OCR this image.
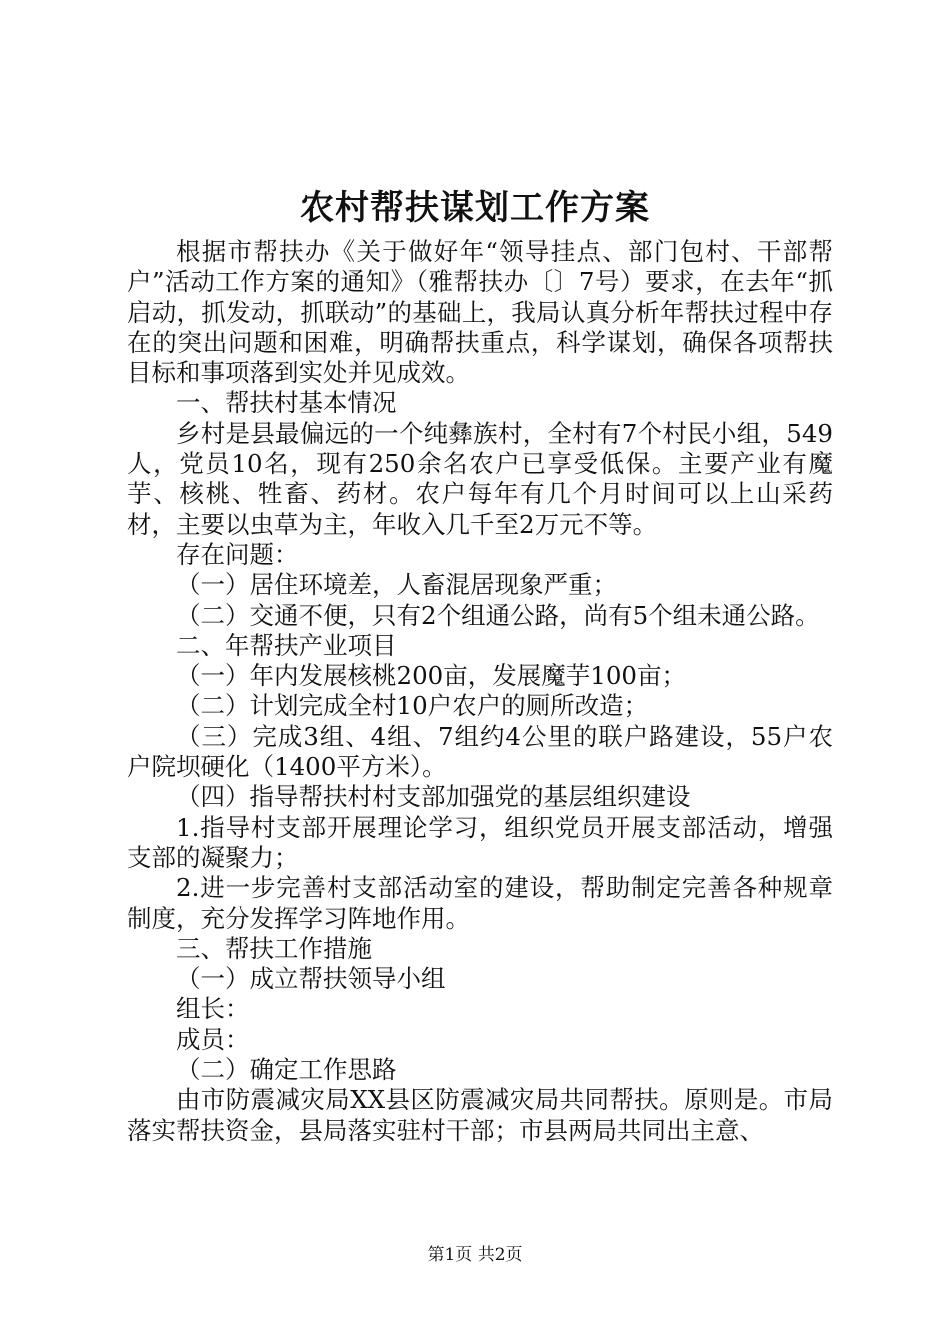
农村帮扶谋划工作方案

根据市帮扶办《关于做好年“领导挂点、部门包村、干部帮户”活动工作方案的通知》（雅帮扶办〔〕7号）要求，在去年“抓启动，抓发动，抓联动”的基础上，我局认真分析年帮扶过程中存在的突出问题和困难，明确帮扶重点，科学谋划，确保各项帮扶目标和事项落到实处并见成效。

一、帮扶村基本情况

乡村是县最偏远的一个纯彝族村，全村有7个村民小组，549人，党员10名，现有250余名农户已享受低保。主要产业有魔芋、核桃、牲畜、药材。农户每年有几个月时间可以上山采药材，主要以虫草为主，年收入几千至2万元不等。

存在问题：

（一）居住环境差，人畜混居现象严重；

（二）交通不便，只有2个组通公路，尚有5个组未通公路。

二、年帮扶产业项目

（一）年内发展核桃200亩，发展魔芋100亩；

（二）计划完成全村10户农户的厕所改造；

（三）完成3组、4组、7组约4公里的联户路建设，55户农户院坝硬化（1400平方米）。

（四）指导帮扶村村支部加强党的基层组织建设

1.指导村支部开展理论学习，组织党员开展支部活动，增强支部的凝聚力；

2.进一步完善村支部活动室的建设，帮助制定完善各种规章制度，充分发挥学习阵地作用。

三、帮扶工作措施

（一）成立帮扶领导小组

组长：

成员：

（二）确定工作思路

由市防震减灾局XX县区防震减灾局共同帮扶。原则是。市局落实帮扶资金，县局落实驻村干部；市县两局共同出主意、

第1页 共2页
